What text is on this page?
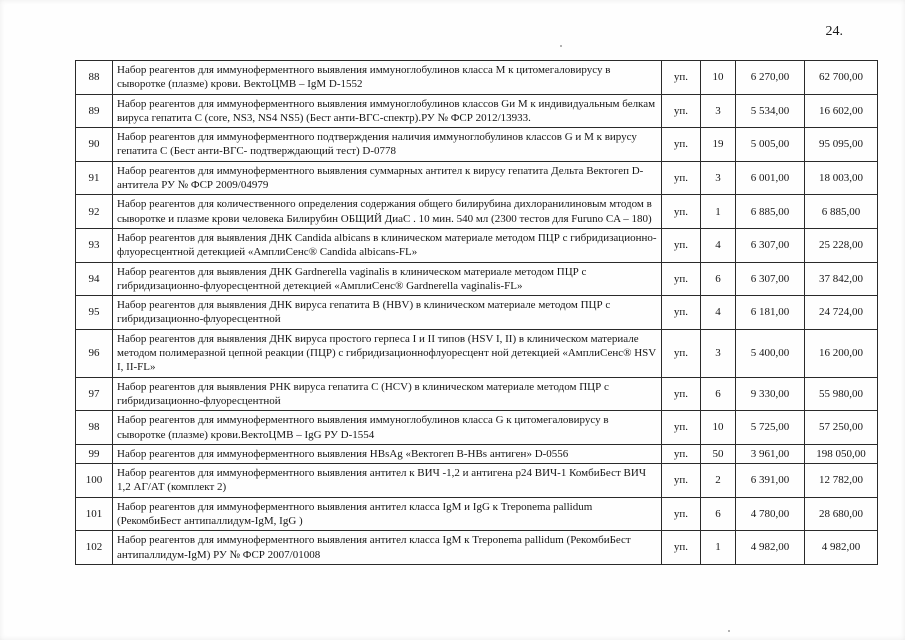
24.
88	Набор реагентов для иммуноферментного выявления иммуноглобулинов класса М к цитомегаловирусу в сыворотке (плазме) крови. ВектоЦМВ – IgM D-1552	уп.	10	6 270,00	62 700,00
89	Набор реагентов для иммуноферментного выявления иммуноглобулинов классов Gи М к индивидуальным белкам вируса гепатита С (core, NS3, NS4 NS5) (Бест анти-ВГС-спектр).РУ № ФСР 2012/13933.	уп.	3	5 534,00	16 602,00
90	Набор реагентов для иммуноферментного подтверждения наличия иммуноглобулинов классов G и М к вирусу гепатита С (Бест анти-ВГС- подтверждающий тест) D-0778	уп.	19	5 005,00	95 095,00
91	Набор реагентов для иммуноферментного выявления суммарных антител к вирусу гепатита Дельта Вектогеп D-антитела РУ № ФСР 2009/04979	уп.	3	6 001,00	18 003,00
92	Набор реагентов для количественного определения содержания общего билирубина дихлоранилиновым мтодом в сыворотке и плазме крови человека Билирубин ОБЩИЙ ДиаС . 10 мин. 540 мл (2300 тестов для Furuno CA – 180)	уп.	1	6 885,00	6 885,00
93	Набор реагентов для выявления ДНК Candida albicans в клиническом материале методом ПЦР с гибридизационно-флуоресцентной детекцией «АмплиСенс® Candida albicans-FL»	уп.	4	6 307,00	25 228,00
94	Набор реагентов для выявления ДНК Gardnerella vaginalis в клиническом материале методом ПЦР с гибридизационно-флуоресцентной детекцией «АмплиСенс® Gardnerella vaginalis-FL»	уп.	6	6 307,00	37 842,00
95	Набор реагентов для выявления ДНК вируса гепатита В (HBV) в клиническом материале методом ПЦР с гибридизационно-флуоресцентной	уп.	4	6 181,00	24 724,00
96	Набор реагентов для выявления ДНК вируса простого герпеса I и II типов (HSV I, II) в клиническом материале методом полимеразной цепной реакции (ПЦР) с гибридизационнофлуоресцент ной детекцией «АмплиСенс® HSV I, II-FL»	уп.	3	5 400,00	16 200,00
97	Набор реагентов для выявления РНК вируса гепатита С (HCV) в клиническом материале методом ПЦР с гибридизационно-флуоресцентной	уп.	6	9 330,00	55 980,00
98	Набор реагентов для иммуноферментного выявления иммуноглобулинов класса G к цитомегаловирусу в сыворотке (плазме) крови.ВектоЦМВ – IgG РУ D-1554	уп.	10	5 725,00	57 250,00
99	Набор реагентов для иммуноферментного выявления HBsAg «Вектогеп B-HBs антиген» D-0556	уп.	50	3 961,00	198 050,00
100	Набор реагентов для иммуноферментного выявления антител к ВИЧ -1,2 и антигена p24 ВИЧ-1 КомбиБест ВИЧ 1,2 АГ/АТ (комплект 2)	уп.	2	6 391,00	12 782,00
101	Набор реагентов для иммуноферментного выявления антител класса IgM и IgG к Treponema pallidum (РекомбиБест антипаллидум-IgM, IgG )	уп.	6	4 780,00	28 680,00
102	Набор реагентов для иммуноферментного выявления антител класса IgM к Treponema pallidum (РекомбиБест антипаллидум-IgM) РУ № ФСР 2007/01008	уп.	1	4 982,00	4 982,00
